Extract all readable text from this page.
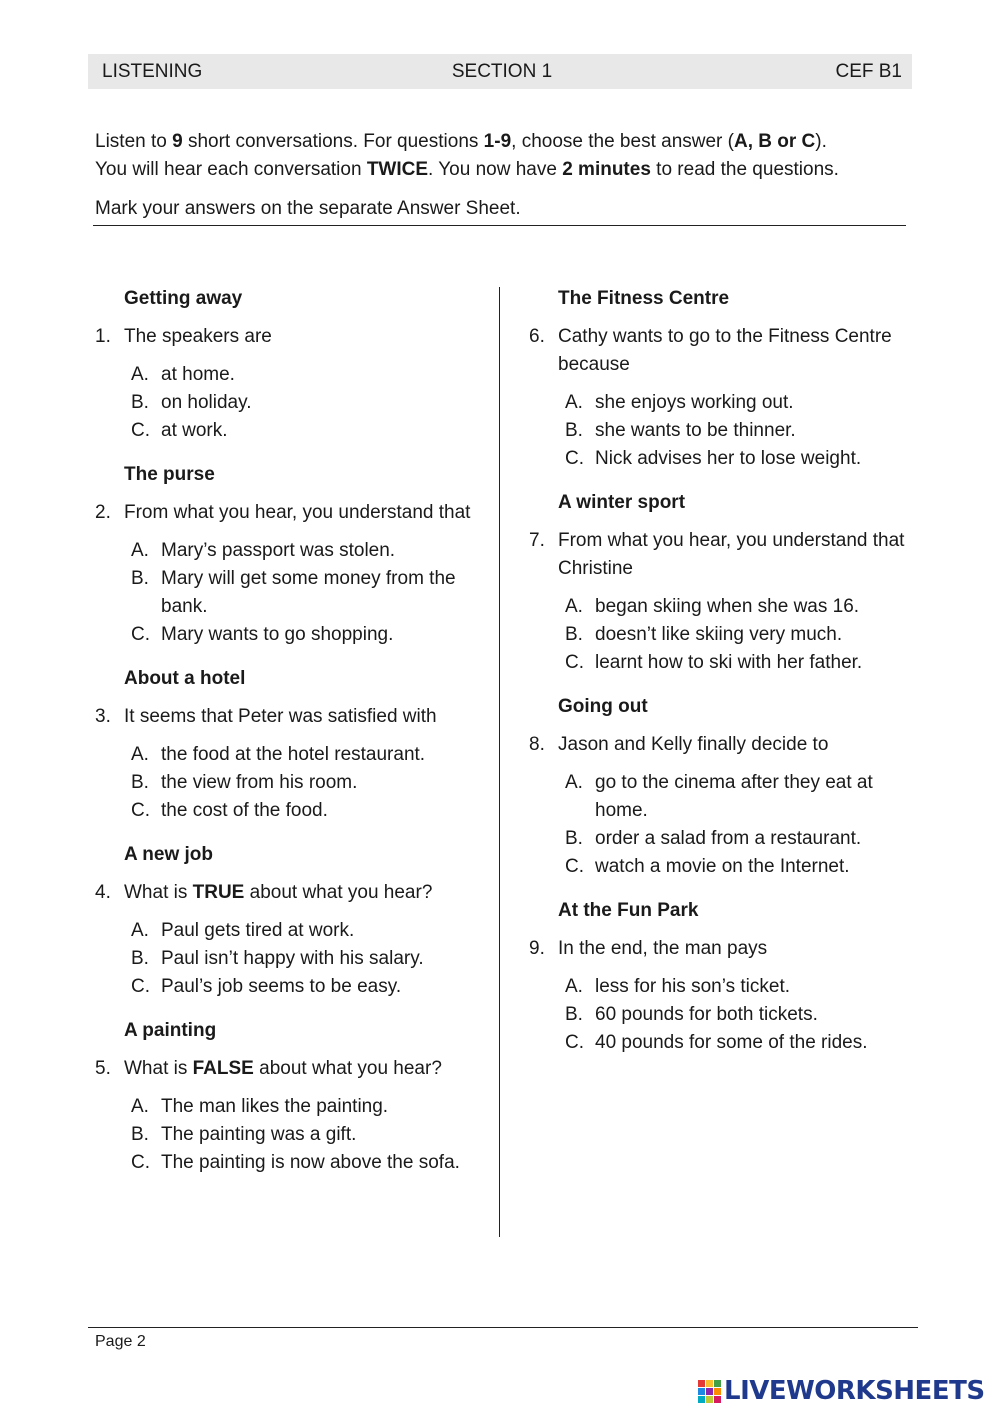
LISTENING	SECTION 1	CEF B1

Listen to 9 short conversations. For questions 1-9, choose the best answer (A, B or C).

You will hear each conversation TWICE. You now have 2 minutes to read the questions.

Mark your answers on the separate Answer Sheet.

Getting away
1. The speakers are
A. at home.
B. on holiday.
C. at work.
The purse
2. From what you hear, you understand that
A. Mary’s passport was stolen.
B. Mary will get some money from the bank.
C. Mary wants to go shopping.
About a hotel
3. It seems that Peter was satisfied with
A. the food at the hotel restaurant.
B. the view from his room.
C. the cost of the food.
A new job
4. What is TRUE about what you hear?
A. Paul gets tired at work.
B. Paul isn’t happy with his salary.
C. Paul’s job seems to be easy.
A painting
5. What is FALSE about what you hear?
A. The man likes the painting.
B. The painting was a gift.
C. The painting is now above the sofa.
The Fitness Centre
6. Cathy wants to go to the Fitness Centre because
A. she enjoys working out.
B. she wants to be thinner.
C. Nick advises her to lose weight.
A winter sport
7. From what you hear, you understand that Christine
A. began skiing when she was 16.
B. doesn’t like skiing very much.
C. learnt how to ski with her father.
Going out
8. Jason and Kelly finally decide to
A. go to the cinema after they eat at home.
B. order a salad from a restaurant.
C. watch a movie on the Internet.
At the Fun Park
9. In the end, the man pays
A. less for his son’s ticket.
B. 60 pounds for both tickets.
C. 40 pounds for some of the rides.
Page 2
LIVEWORKSHEETS
